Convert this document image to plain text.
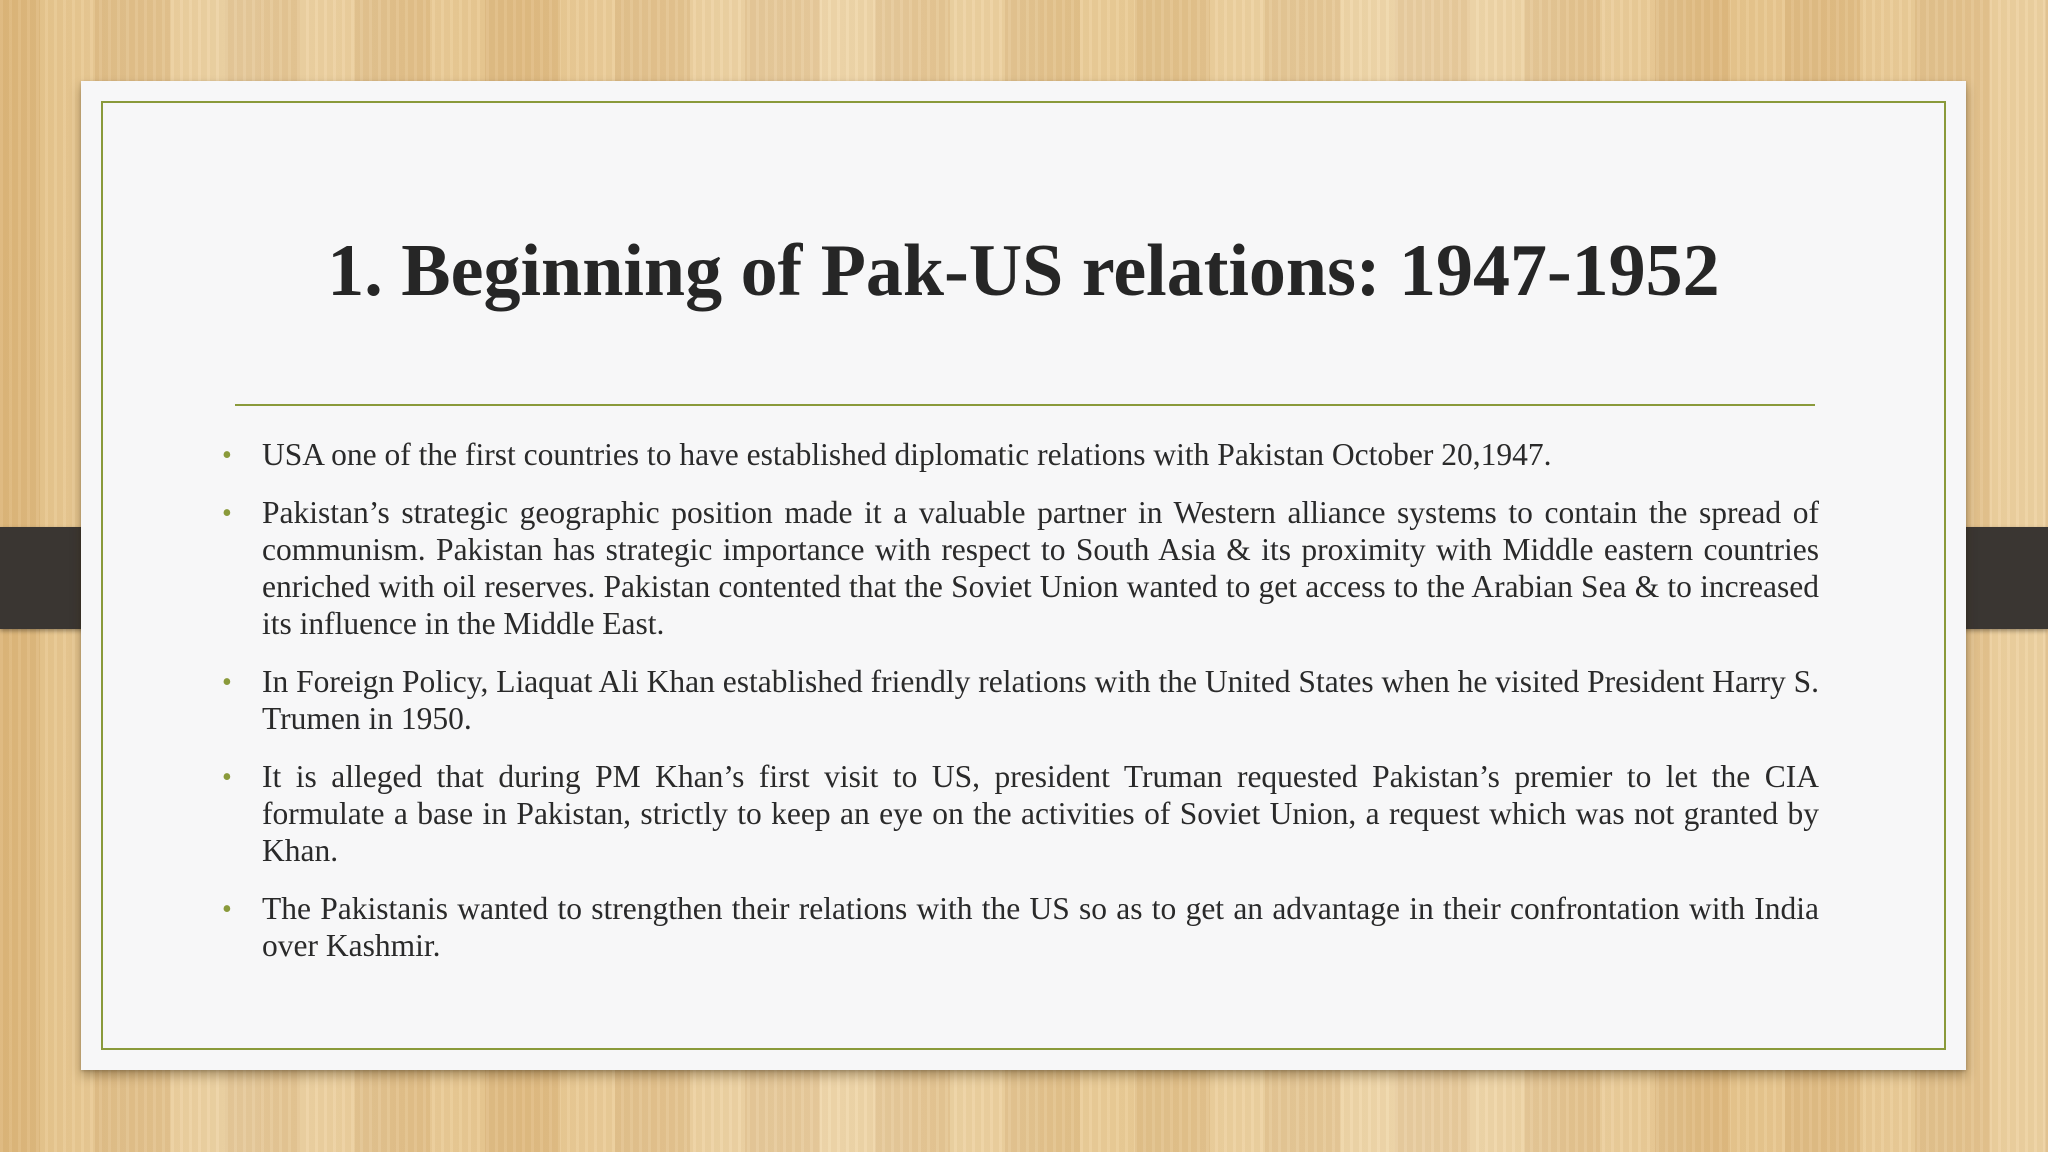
1. Beginning of Pak-US relations: 1947-1952
• USA one of the first countries to have established diplomatic relations with Pakistan October 20,1947.
• Pakistan’s strategic geographic position made it a valuable partner in Western alliance systems to contain the spread of communism. Pakistan has strategic importance with respect to South Asia & its proximity with Middle eastern countries enriched with oil reserves. Pakistan contented that the Soviet Union wanted to get access to the Arabian Sea & to increased its influence in the Middle East.
• In Foreign Policy, Liaquat Ali Khan established friendly relations with the United States when he visited President Harry S. Trumen in 1950.
• It is alleged that during PM Khan’s first visit to US, president Truman requested Pakistan’s premier to let the CIA formulate a base in Pakistan, strictly to keep an eye on the activities of Soviet Union, a request which was not granted by Khan.
• The Pakistanis wanted to strengthen their relations with the US so as to get an advantage in their confrontation with India over Kashmir.
